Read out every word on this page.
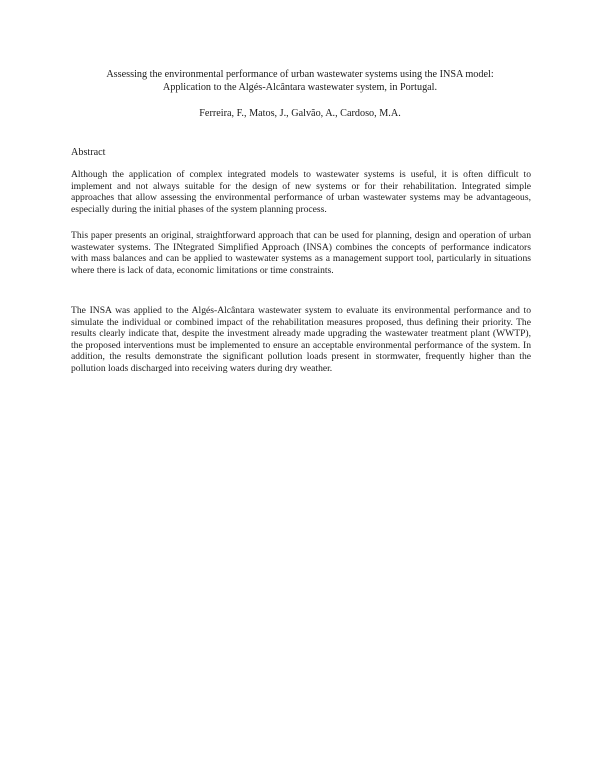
Assessing the environmental performance of urban wastewater systems using the INSA model:
Application to the Algés-Alcântara wastewater system, in Portugal.
Ferreira, F., Matos, J., Galvão, A., Cardoso, M.A.
Abstract

Although the application of complex integrated models to wastewater systems is useful, it is often difficult to implement and not always suitable for the design of new systems or for their rehabilitation. Integrated simple approaches that allow assessing the environmental performance of urban wastewater systems may be advantageous, especially during the initial phases of the system planning process.

This paper presents an original, straightforward approach that can be used for planning, design and operation of urban wastewater systems. The INtegrated Simplified Approach (INSA) combines the concepts of performance indicators with mass balances and can be applied to wastewater systems as a management support tool, particularly in situations where there is lack of data, economic limitations or time constraints.

The INSA was applied to the Algés-Alcântara wastewater system to evaluate its environmental performance and to simulate the individual or combined impact of the rehabilitation measures proposed, thus defining their priority. The results clearly indicate that, despite the investment already made upgrading the wastewater treatment plant (WWTP), the proposed interventions must be implemented to ensure an acceptable environmental performance of the system. In addition, the results demonstrate the significant pollution loads present in stormwater, frequently higher than the pollution loads discharged into receiving waters during dry weather.
